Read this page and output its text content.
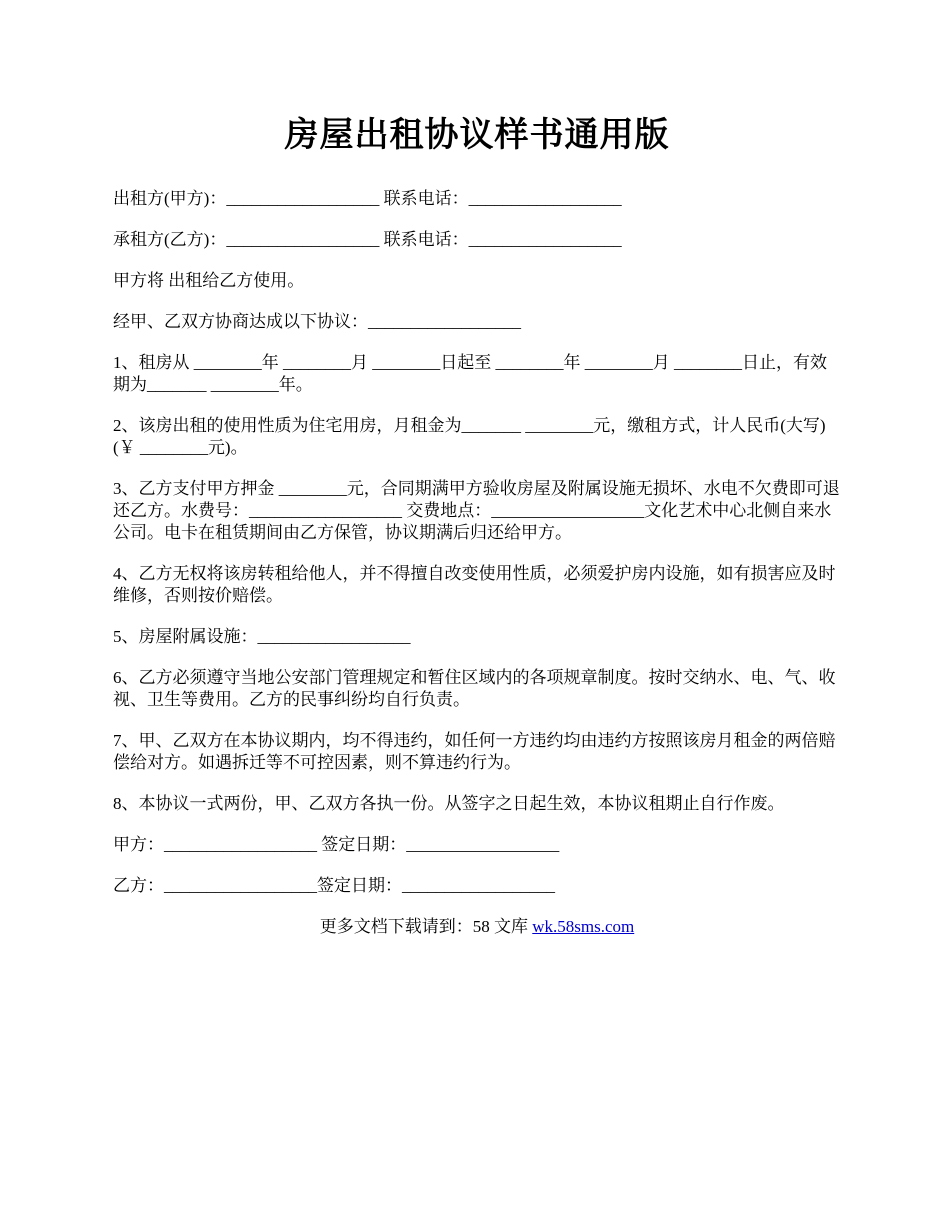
房屋出租协议样书通用版

出租方(甲方)：__________________ 联系电话：__________________

承租方(乙方)：__________________ 联系电话：__________________

甲方将 出租给乙方使用。

经甲、乙双方协商达成以下协议：__________________

1、租房从 ________年 ________月 ________日起至 ________年 ________月 ________日止，有效期为_______ ________年。

2、该房出租的使用性质为住宅用房，月租金为_______ ________元，缴租方式，计人民币(大写) (￥ ________元)。

3、乙方支付甲方押金 ________元，合同期满甲方验收房屋及附属设施无损坏、水电不欠费即可退还乙方。水费号：__________________ 交费地点：__________________文化艺术中心北侧自来水公司。电卡在租赁期间由乙方保管，协议期满后归还给甲方。

4、乙方无权将该房转租给他人，并不得擅自改变使用性质，必须爱护房内设施，如有损害应及时维修，否则按价赔偿。

5、房屋附属设施：__________________

6、乙方必须遵守当地公安部门管理规定和暂住区域内的各项规章制度。按时交纳水、电、气、收视、卫生等费用。乙方的民事纠纷均自行负责。

7、甲、乙双方在本协议期内，均不得违约，如任何一方违约均由违约方按照该房月租金的两倍赔偿给对方。如遇拆迁等不可控因素，则不算违约行为。

8、本协议一式两份，甲、乙双方各执一份。从签字之日起生效，本协议租期止自行作废。

甲方：__________________ 签定日期：__________________

乙方：__________________签定日期：__________________

更多文档下载请到：58 文库 wk.58sms.com
